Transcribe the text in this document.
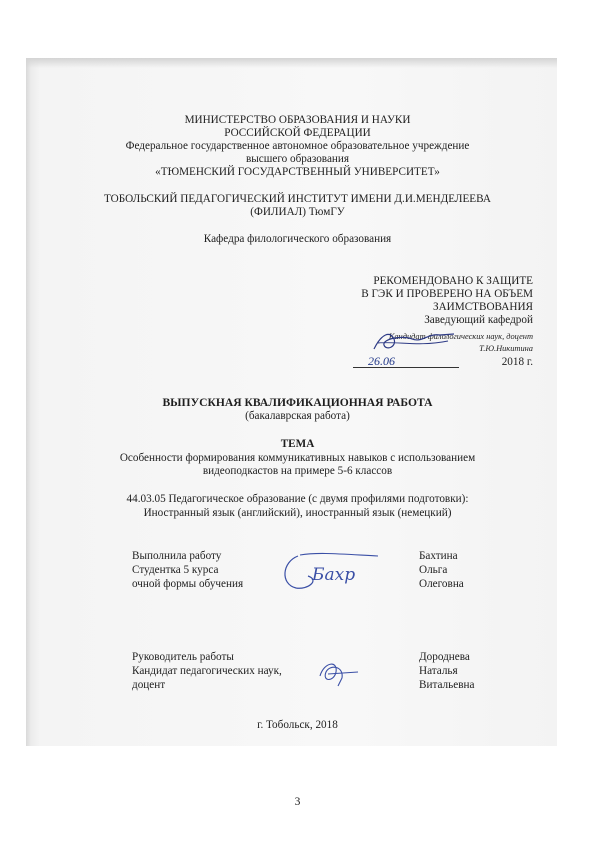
МИНИСТЕРСТВО ОБРАЗОВАНИЯ И НАУКИ
РОССИЙСКОЙ ФЕДЕРАЦИИ
Федеральное государственное автономное образовательное учреждение
высшего образования
«ТЮМЕНСКИЙ ГОСУДАРСТВЕННЫЙ УНИВЕРСИТЕТ»
ТОБОЛЬСКИЙ ПЕДАГОГИЧЕСКИЙ ИНСТИТУТ ИМЕНИ Д.И.МЕНДЕЛЕЕВА
(ФИЛИАЛ) ТюмГУ
Кафедра филологического образования
РЕКОМЕНДОВАНО К ЗАЩИТЕ
В ГЭК И ПРОВЕРЕНО НА ОБЪЕМ
ЗАИМСТВОВАНИЯ
Заведующий кафедрой
Кандидат филологических наук, доцент
Т.Ю.Никитина
26.06	2018 г.
ВЫПУСКНАЯ КВАЛИФИКАЦИОННАЯ РАБОТА
(бакалаврская работа)
ТЕМА
Особенности формирования коммуникативных навыков с использованием
видеоподкастов на примере 5-6 классов
44.03.05 Педагогическое образование (с двумя профилями подготовки):
Иностранный язык (английский), иностранный язык (немецкий)
Выполнила работу
Студентка 5 курса
очной формы обучения	Бахр
Бахтина
Ольга
Олеговна
Руководитель работы
Кандидат педагогических наук,
доцент
Дороднева
Наталья
Витальевна
г. Тобольск, 2018
3
